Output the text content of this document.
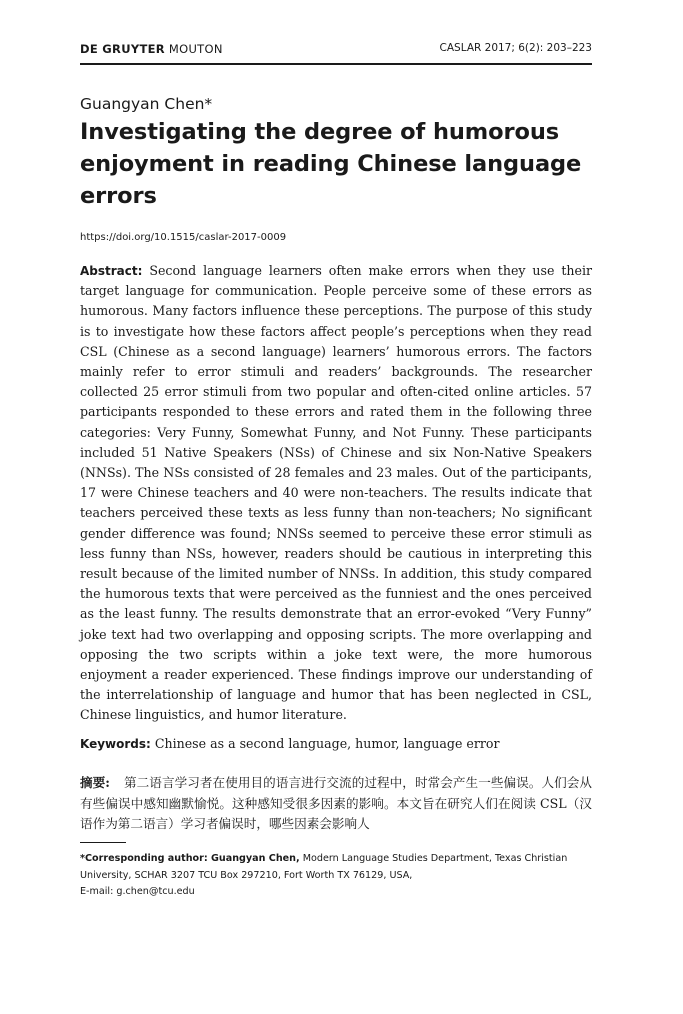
DE GRUYTER MOUTON	CASLAR 2017; 6(2): 203–223
Guangyan Chen*
Investigating the degree of humorous enjoyment in reading Chinese language errors
https://doi.org/10.1515/caslar-2017-0009
Abstract: Second language learners often make errors when they use their target language for communication. People perceive some of these errors as humorous. Many factors influence these perceptions. The purpose of this study is to investigate how these factors affect people’s perceptions when they read CSL (Chinese as a second language) learners’ humorous errors. The factors mainly refer to error stimuli and readers’ backgrounds. The researcher collected 25 error stimuli from two popular and often-cited online articles. 57 participants responded to these errors and rated them in the following three categories: Very Funny, Somewhat Funny, and Not Funny. These participants included 51 Native Speakers (NSs) of Chinese and six Non-Native Speakers (NNSs). The NSs consisted of 28 females and 23 males. Out of the participants, 17 were Chinese teachers and 40 were non-teachers. The results indicate that teachers perceived these texts as less funny than non-teachers; No significant gender difference was found; NNSs seemed to perceive these error stimuli as less funny than NSs, however, readers should be cautious in interpreting this result because of the limited number of NNSs. In addition, this study compared the humorous texts that were perceived as the funniest and the ones perceived as the least funny. The results demonstrate that an error-evoked “Very Funny” joke text had two overlapping and opposing scripts. The more overlapping and opposing the two scripts within a joke text were, the more humorous enjoyment a reader experienced. These findings improve our understanding of the interrelationship of language and humor that has been neglected in CSL, Chinese linguistics, and humor literature.
Keywords: Chinese as a second language, humor, language error
摘要: 第二语言学习者在使用目的语言进行交流的过程中，时常会产生一些偏误。人们会从有些偏误中感知幽默愉悦。这种感知受很多因素的影响。本文旨在研究人们在阅读 CSL（汉语作为第二语言）学习者偏误时，哪些因素会影响人
*Corresponding author: Guangyan Chen, Modern Language Studies Department, Texas Christian University, SCHAR 3207 TCU Box 297210, Fort Worth TX 76129, USA,
E-mail: g.chen@tcu.edu
